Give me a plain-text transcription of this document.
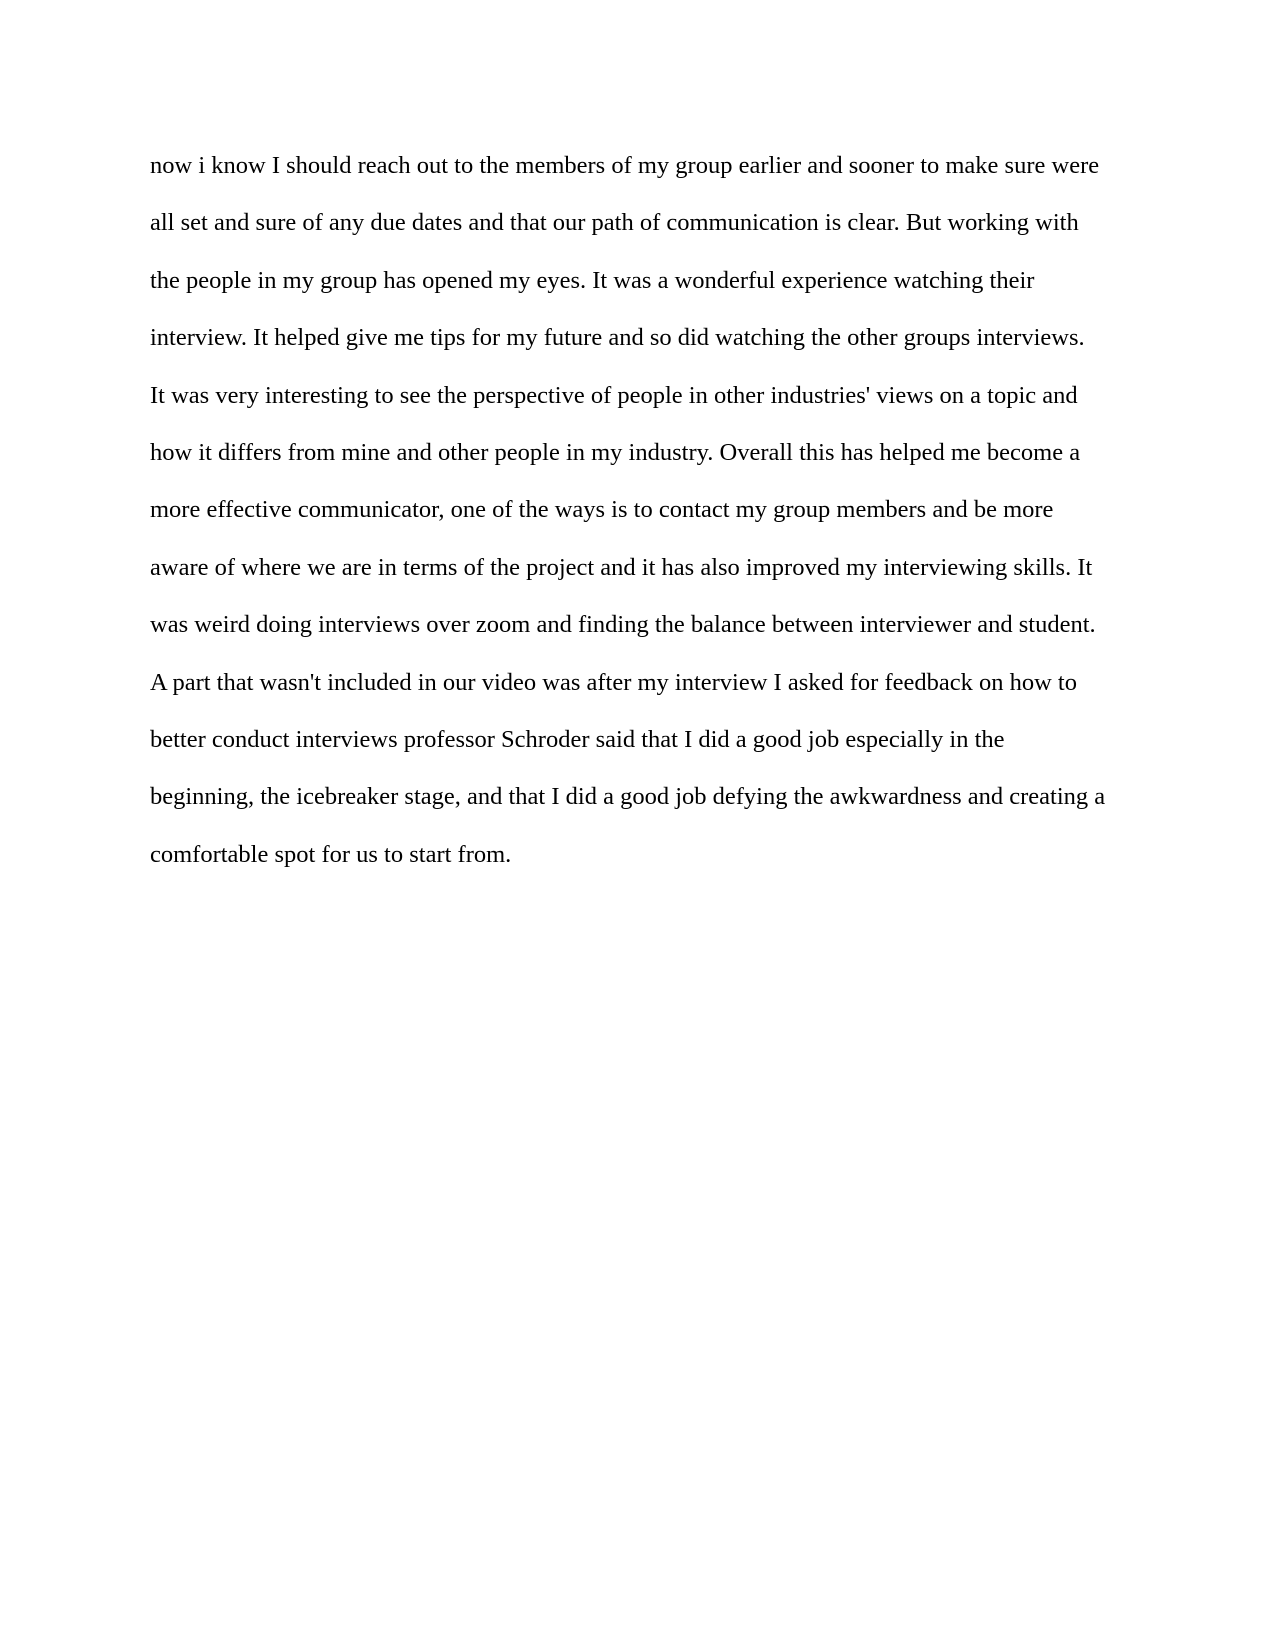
now i know I should reach out to the members of my group earlier and sooner to make sure were
all set and sure of any due dates and that our path of communication is clear. But working with
the people in my group has opened my eyes. It was a wonderful experience watching their
interview. It helped give me tips for my future and so did watching the other groups interviews.
It was very interesting to see the perspective of people in other industries' views on a topic and
how it differs from mine and other people in my industry. Overall this has helped me become a
more effective communicator, one of the ways is to contact my group members and be more
aware of where we are in terms of the project and it has also improved my interviewing skills. It
was weird doing interviews over zoom and finding the balance between interviewer and student.
A part that wasn't included in our video was after my interview I asked for feedback on how to
better conduct interviews professor Schroder said that I did a good job especially in the
beginning, the icebreaker stage, and that I did a good job defying the awkwardness and creating a
comfortable spot for us to start from.
